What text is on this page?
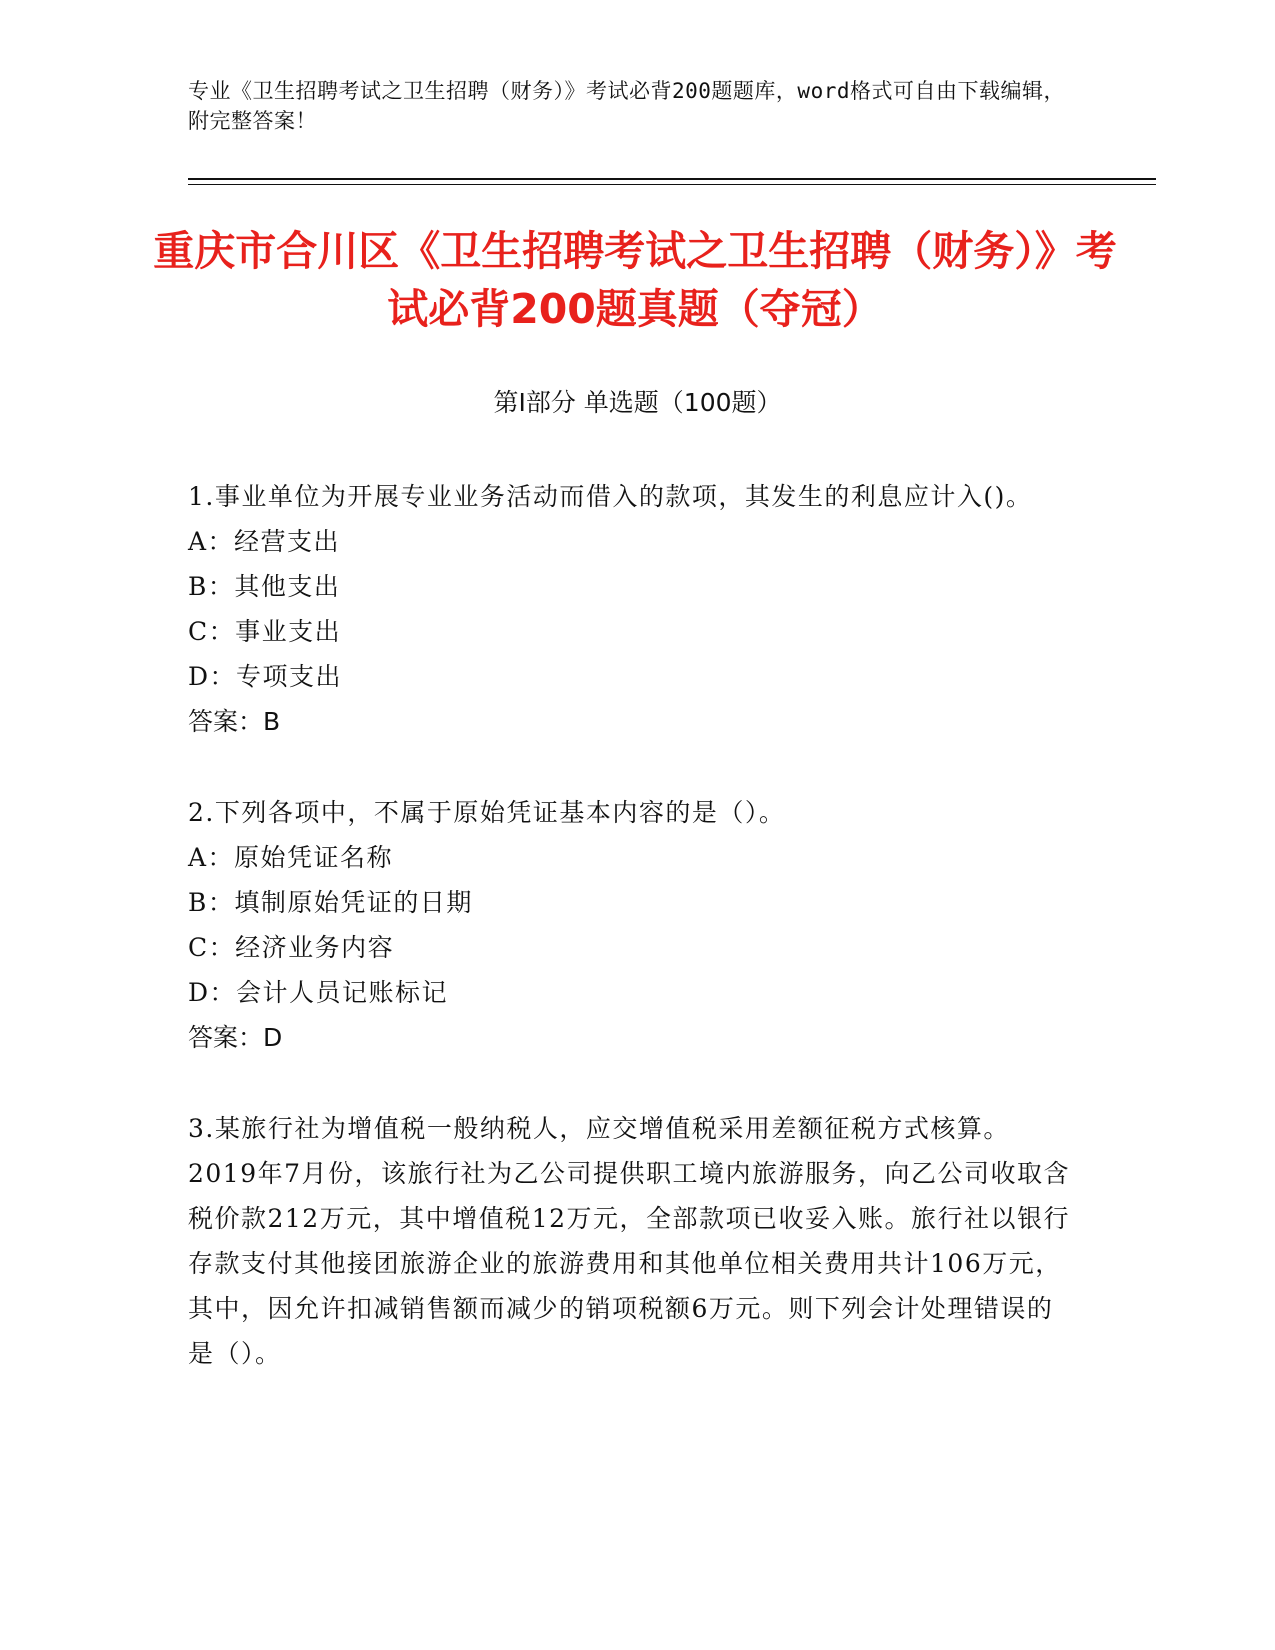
专业《卫生招聘考试之卫生招聘（财务）》考试必背200题题库，word格式可自由下载编辑，附完整答案！
重庆市合川区《卫生招聘考试之卫生招聘（财务）》考试必背200题真题（夺冠）
第Ⅰ部分 单选题（100题）
1.事业单位为开展专业业务活动而借入的款项，其发生的利息应计入()。
A：经营支出
B：其他支出
C：事业支出
D：专项支出
答案：B
2.下列各项中，不属于原始凭证基本内容的是（）。
A：原始凭证名称
B：填制原始凭证的日期
C：经济业务内容
D：会计人员记账标记
答案：D
3.某旅行社为增值税一般纳税人，应交增值税采用差额征税方式核算。2019年7月份，该旅行社为乙公司提供职工境内旅游服务，向乙公司收取含税价款212万元，其中增值税12万元，全部款项已收妥入账。旅行社以银行存款支付其他接团旅游企业的旅游费用和其他单位相关费用共计106万元，其中，因允许扣减销售额而减少的销项税额6万元。则下列会计处理错误的是（）。
